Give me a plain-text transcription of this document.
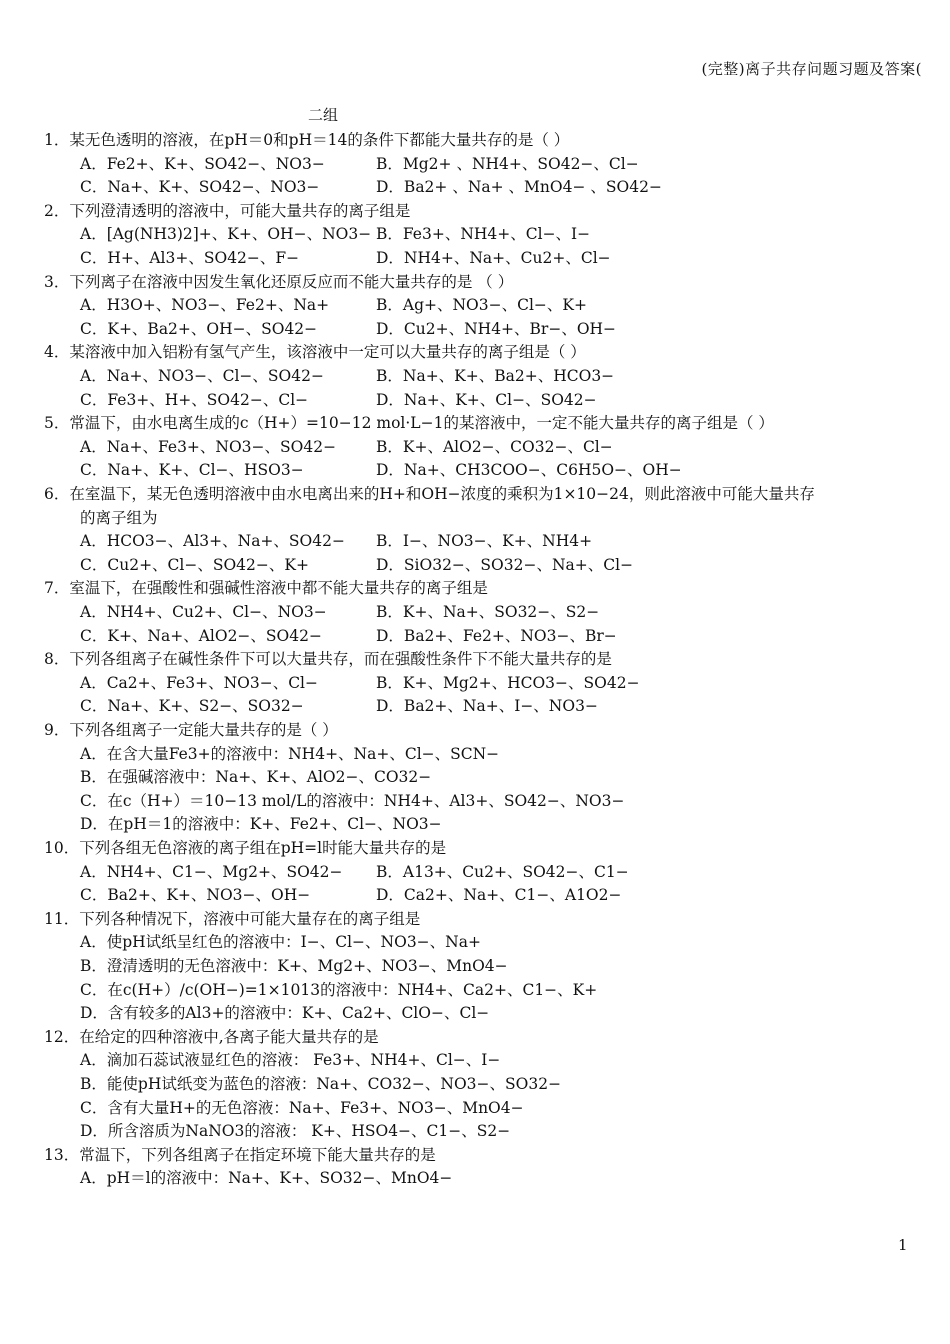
(完整)离子共存问题习题及答案(
二组
1．某无色透明的溶液，在pH＝0和pH＝14的条件下都能大量共存的是（ ）
A．Fe2+、K+、SO42−、NO3−	B．Mg2+ 、NH4+、SO42−、Cl−
C．Na+、K+、SO42−、NO3−	D．Ba2+ 、Na+ 、MnO4− 、SO42−
2．下列澄清透明的溶液中，可能大量共存的离子组是
A．[Ag(NH3)2]+、K+、OH−、NO3− B．Fe3+、NH4+、Cl−、I−
C．H+、Al3+、SO42−、F−	D．NH4+、Na+、Cu2+、Cl−
3．下列离子在溶液中因发生氧化还原反应而不能大量共存的是 （ ）
A．H3O+、NO3−、Fe2+、Na+	B．Ag+、NO3−、Cl−、K+
C．K+、Ba2+、OH−、SO42−	D．Cu2+、NH4+、Br−、OH−
4．某溶液中加入铝粉有氢气产生，该溶液中一定可以大量共存的离子组是（ ）
A．Na+、NO3−、Cl−、SO42−	B．Na+、K+、Ba2+、HCO3−
C．Fe3+、H+、SO42−、Cl−	D．Na+、K+、Cl−、SO42−
5．常温下，由水电离生成的c（H+）=10−12 mol·L−1的某溶液中，一定不能大量共存的离子组是（ ）
A．Na+、Fe3+、NO3−、SO42−	B．K+、AlO2−、CO32−、Cl−
C．Na+、K+、Cl−、HSO3−	D．Na+、CH3COO−、C6H5O−、OH−
6．在室温下，某无色透明溶液中由水电离出来的H+和OH−浓度的乘积为1×10−24，则此溶液中可能大量共存
的离子组为
A．HCO3−、Al3+、Na+、SO42− B．I−、NO3−、K+、NH4+
C．Cu2+、Cl−、SO42−、K+	D．SiO32−、SO32−、Na+、Cl−
7．室温下，在强酸性和强碱性溶液中都不能大量共存的离子组是
A．NH4+、Cu2+、Cl−、NO3−	B．K+、Na+、SO32−、S2−
C．K+、Na+、AlO2−、SO42−	D．Ba2+、Fe2+、NO3−、Br−
8．下列各组离子在碱性条件下可以大量共存，而在强酸性条件下不能大量共存的是
A．Ca2+、Fe3+、NO3−、Cl−	B．K+、Mg2+、HCO3−、SO42−
C．Na+、K+、S2−、SO32−	D．Ba2+、Na+、I−、NO3−
9．下列各组离子一定能大量共存的是（ ）
A．在含大量Fe3+的溶液中：NH4+、Na+、Cl−、SCN−
B．在强碱溶液中：Na+、K+、AlO2−、CO32−
C．在c（H+）＝10−13 mol/L的溶液中：NH4+、Al3+、SO42−、NO3−
D．在pH＝1的溶液中：K+、Fe2+、Cl−、NO3−
10．下列各组无色溶液的离子组在pH=l时能大量共存的是
A．NH4+、C1−、Mg2+、SO42− B．A13+、Cu2+、SO42−、C1−
C．Ba2+、K+、NO3−、OH−	D．Ca2+、Na+、C1−、A1O2−
11．下列各种情况下，溶液中可能大量存在的离子组是
A．使pH试纸呈红色的溶液中：I−、Cl−、NO3−、Na+
B．澄清透明的无色溶液中：K+、Mg2+、NO3−、MnO4−
C．在c(H+）/c(OH−)=1×1013的溶液中：NH4+、Ca2+、C1−、K+
D．含有较多的Al3+的溶液中：K+、Ca2+、ClO−、Cl−
12．在给定的四种溶液中,各离子能大量共存的是
A．滴加石蕊试液显红色的溶液： Fe3+、NH4+、Cl−、I−
B．能使pH试纸变为蓝色的溶液：Na+、CO32−、NO3−、SO32−
C．含有大量H+的无色溶液：Na+、Fe3+、NO3−、MnO4−
D．所含溶质为NaNO3的溶液： K+、HSO4−、C1−、S2−
13．常温下，下列各组离子在指定环境下能大量共存的是
A．pH＝l的溶液中：Na+、K+、SO32−、MnO4−
1
